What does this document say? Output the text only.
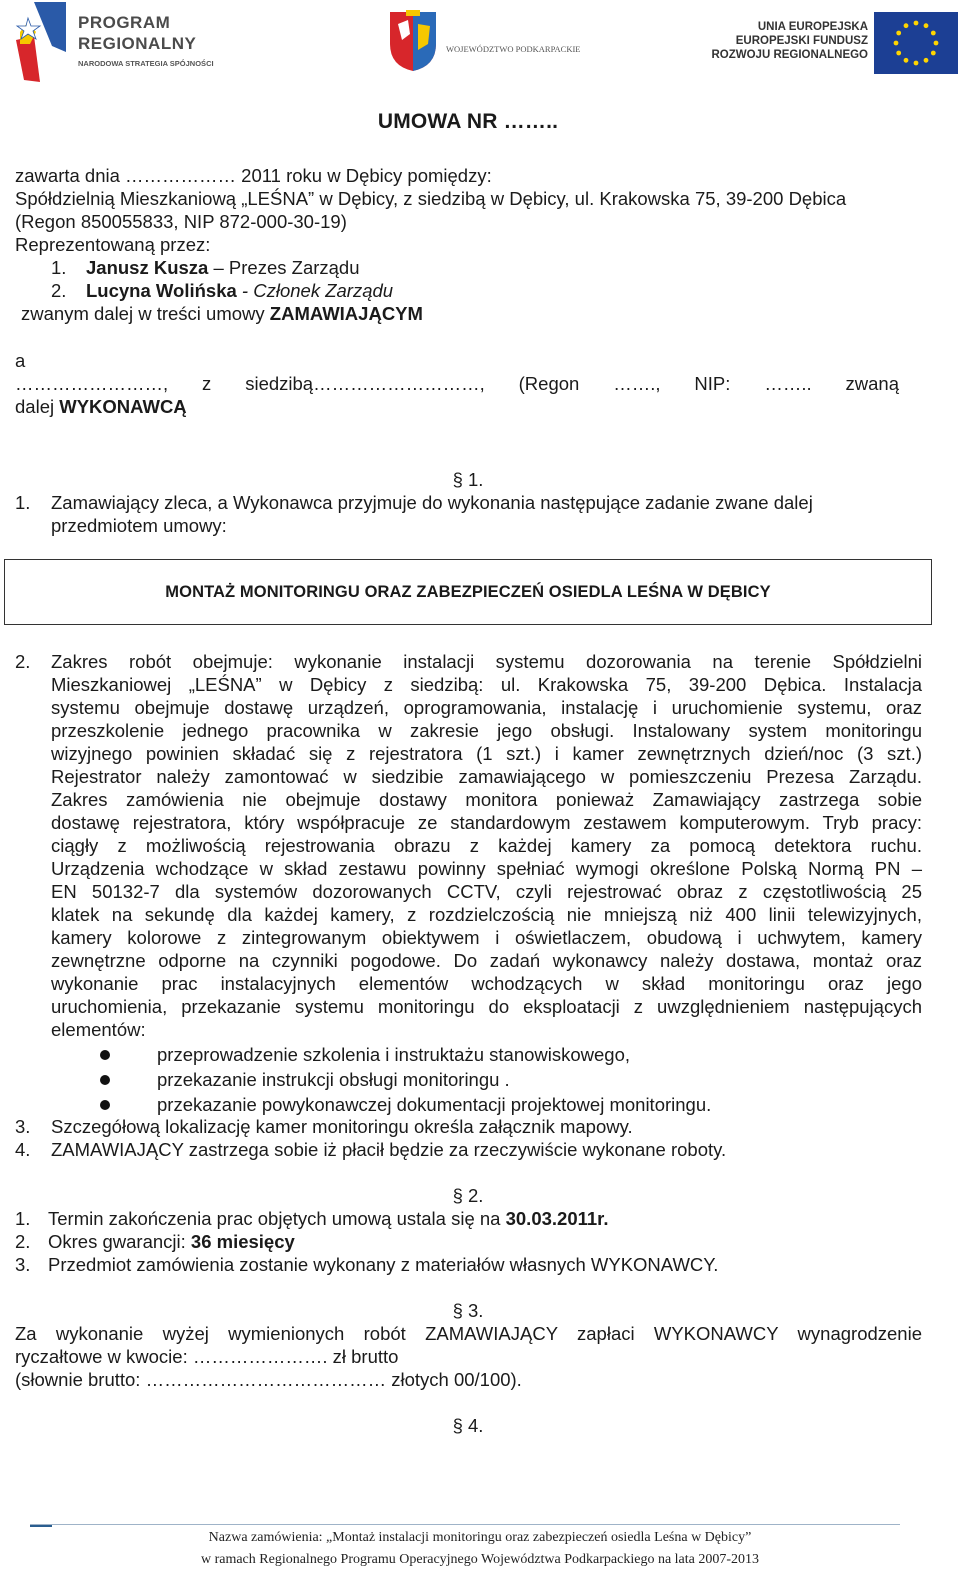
PROGRAM
REGIONALNY
NARODOWA STRATEGIA SPÓJNOŚCI
WOJEWÓDZTWO PODKARPACKIE
UNIA EUROPEJSKA
EUROPEJSKI FUNDUSZ
ROZWOJU REGIONALNEGO
UMOWA NR ……..
zawarta dnia ……………… 2011 roku w Dębicy pomiędzy:
Spółdzielnią Mieszkaniową „LEŚNA” w Dębicy, z siedzibą w Dębicy, ul. Krakowska 75, 39-200 Dębica
(Regon 850055833, NIP 872-000-30-19)
Reprezentowaną przez:
1. Janusz Kusza – Prezes Zarządu
2. Lucyna Wolińska - Członek Zarządu
zwanym dalej w treści umowy ZAMAWIAJĄCYM
a
……………………, z siedzibą………………………, (Regon ……., NIP: …….. zwaną
dalej WYKONAWCĄ
§ 1.
1. Zamawiający zleca, a Wykonawca przyjmuje do wykonania następujące zadanie zwane dalej
przedmiotem umowy:
MONTAŻ MONITORINGU ORAZ ZABEZPIECZEŃ OSIEDLA LEŚNA W DĘBICY
2. Zakres robót obejmuje: wykonanie instalacji systemu dozorowania na terenie Spółdzielni
Mieszkaniowej „LEŚNA” w Dębicy z siedzibą: ul. Krakowska 75, 39-200 Dębica. Instalacja
systemu obejmuje dostawę urządzeń, oprogramowania, instalację i uruchomienie systemu, oraz
przeszkolenie jednego pracownika w zakresie jego obsługi. Instalowany system monitoringu
wizyjnego powinien składać się z rejestratora (1 szt.) i kamer zewnętrznych dzień/noc (3 szt.)
Rejestrator należy zamontować w siedzibie zamawiającego w pomieszczeniu Prezesa Zarządu.
Zakres zamówienia nie obejmuje dostawy monitora ponieważ Zamawiający zastrzega sobie
dostawę rejestratora, który współpracuje ze standardowym zestawem komputerowym. Tryb pracy:
ciągły z możliwością rejestrowania obrazu z każdej kamery za pomocą detektora ruchu.
Urządzenia wchodzące w skład zestawu powinny spełniać wymogi określone Polską Normą PN –
EN 50132-7 dla systemów dozorowanych CCTV, czyli rejestrować obraz z częstotliwością 25
klatek na sekundę dla każdej kamery, z rozdzielczością nie mniejszą niż 400 linii telewizyjnych,
kamery kolorowe z zintegrowanym obiektywem i oświetlaczem, obudową i uchwytem, kamery
zewnętrzne odporne na czynniki pogodowe. Do zadań wykonawcy należy dostawa, montaż oraz
wykonanie prac instalacyjnych elementów wchodzących w skład monitoringu oraz jego
uruchomienia, przekazanie systemu monitoringu do eksploatacji z uwzględnieniem następujących
elementów:
przeprowadzenie szkolenia i instruktażu stanowiskowego,
przekazanie instrukcji obsługi monitoringu .
przekazanie powykonawczej dokumentacji projektowej monitoringu.
3. Szczegółową lokalizację kamer monitoringu określa załącznik mapowy.
4. ZAMAWIAJĄCY zastrzega sobie iż płacił będzie za rzeczywiście wykonane roboty.
§ 2.
1. Termin zakończenia prac objętych umową ustala się na 30.03.2011r.
2. Okres gwarancji: 36 miesięcy
3. Przedmiot zamówienia zostanie wykonany z materiałów własnych WYKONAWCY.
§ 3.
Za wykonanie wyżej wymienionych robót ZAMAWIAJĄCY zapłaci WYKONAWCY wynagrodzenie
ryczałtowe w kwocie: …………………. zł brutto
(słownie brutto: ………………………………… złotych 00/100).
§ 4.
Nazwa zamówienia: „Montaż instalacji monitoringu oraz zabezpieczeń osiedla Leśna w Dębicy”
w ramach Regionalnego Programu Operacyjnego Województwa Podkarpackiego na lata 2007-2013
